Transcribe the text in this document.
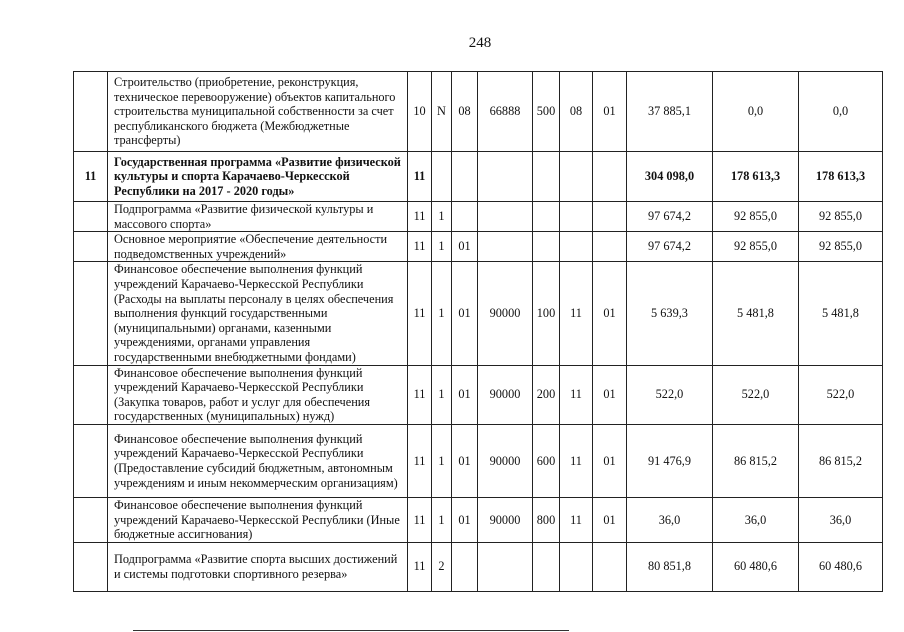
248
	Строительство (приобретение, реконструкция, техническое перевооружение) объектов капитального строительства муниципальной собственности за счет республиканского бюджета (Межбюджетные трансферты)	10	N	08	66888	500	08	01	37 885,1	0,0	0,0
11	Государственная программа «Развитие физической культуры и спорта Карачаево-Черкесской Республики на 2017 - 2020 годы»	11							304 098,0	178 613,3	178 613,3
	Подпрограмма «Развитие физической культуры и массового спорта»	11	1						97 674,2	92 855,0	92 855,0
	Основное мероприятие «Обеспечение деятельности подведомственных учреждений»	11	1	01					97 674,2	92 855,0	92 855,0
	Финансовое обеспечение выполнения функций учреждений Карачаево-Черкесской Республики (Расходы на выплаты персоналу в целях обеспечения выполнения функций государственными (муниципальными) органами, казенными учреждениями, органами управления государственными внебюджетными фондами)	11	1	01	90000	100	11	01	5 639,3	5 481,8	5 481,8
	Финансовое обеспечение выполнения функций учреждений Карачаево-Черкесской Республики (Закупка товаров, работ и услуг для обеспечения государственных (муниципальных) нужд)	11	1	01	90000	200	11	01	522,0	522,0	522,0
	Финансовое обеспечение выполнения функций учреждений Карачаево-Черкесской Республики (Предоставление субсидий бюджетным, автономным учреждениям и иным некоммерческим организациям)	11	1	01	90000	600	11	01	91 476,9	86 815,2	86 815,2
	Финансовое обеспечение выполнения функций учреждений Карачаево-Черкесской Республики (Иные бюджетные ассигнования)	11	1	01	90000	800	11	01	36,0	36,0	36,0
	Подпрограмма «Развитие спорта высших достижений и системы подготовки спортивного резерва»	11	2						80 851,8	60 480,6	60 480,6
